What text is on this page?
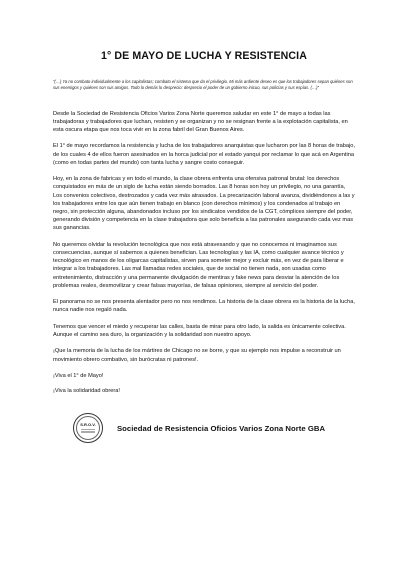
1° DE MAYO DE LUCHA Y RESISTENCIA

“(…) Ya no combato individualmente a los capitalistas; combato el sistema que da el privilegio. Mi más ardiente deseo es que los trabajadores sepan quiénes son sus enemigos y quiénes son sus amigos. Todo lo demás lo desprecio: desprecio el poder de un gobierno inicuo, sus policías y sus espías. (…)”

Desde la Sociedad de Resistencia Oficios Varios Zona Norte queremos saludar en este 1° de mayo a todas las trabajadoras y trabajadores que luchan, resisten y se organizan y no se resignan frente a la explotación capitalista, en esta oscura etapa que nos toca vivir en la zona fabril del Gran Buenos Aires.

El 1° de mayo recordamos la resistencia y lucha de los trabajadores anarquistas que lucharon por las 8 horas de trabajo, de los cuales 4 de ellos fueron asesinados en la horca judicial por el estado yanqui por reclamar lo que acá en Argentina (como en todas partes del mundo) con tanta lucha y sangre costo conseguir.

Hoy, en la zona de fabricas y en todo el mundo, la clase obrera enfrenta una ofensiva patronal brutal: los derechos conquistados en más de un siglo de lucha están siendo borrados. Las 8 horas son hoy un privilegio, no una garantía, Los convenios colectivos, destrozados y cada vez más atrasados. La precarización laboral avanza, dividiéndonos a las y los trabajadores entre los que aún tienen trabajo en blanco (con derechos mínimos) y los condenados al trabajo en negro, sin protección alguna, abandonados incluso por los sindicatos vendidos de la CGT, cómplices siempre del poder, generando división y competencia en la clase trabajadora que solo beneficia a las patronales asegurando cada vez mas sus ganancias.

No queremos olvidar la revolución tecnológica que nos está atravesando y que no conocemos ni imaginamos sus consecuencias, aunque sí sabemos a quienes benefician. Las tecnologías y las IA, como cualquier avance técnico y tecnológico en manos de los oligarcas capitalistas, sirven para someter mejor y excluir más, en vez de para liberar e integrar a los trabajadores. Las mal llamadas redes sociales, que de social no tienen nada, son usadas como entretenimiento, distracción y una permanente divulgación de mentiras y fake news para desviar la atención de los problemas reales, desmovilizar y crear falsas mayorías, de falsas opiniones, siempre al servicio del poder.

El panorama no se nos presenta alentador pero no nos rendimos. La historia de la clase obrera es la historia de la lucha, nunca nadie nos regaló nada.

Tenemos que vencer el miedo y recuperar las calles, basta de mirar para otro lado, la salida es únicamente colectiva. Aunque el camino sea duro, la organización y la solidaridad son nuestro apoyo.

¡Que la memoria de la lucha de los mártires de Chicago no se borre, y que su ejemplo nos impulse a reconstruir un movimiento obrero combativo, sin burócratas ni patrones!.

¡Viva el 1° de Mayo!

¡Viva la solidaridad obrera!

S.R.O.V.	Sociedad de Resistencia Oficios Varios Zona Norte GBA
